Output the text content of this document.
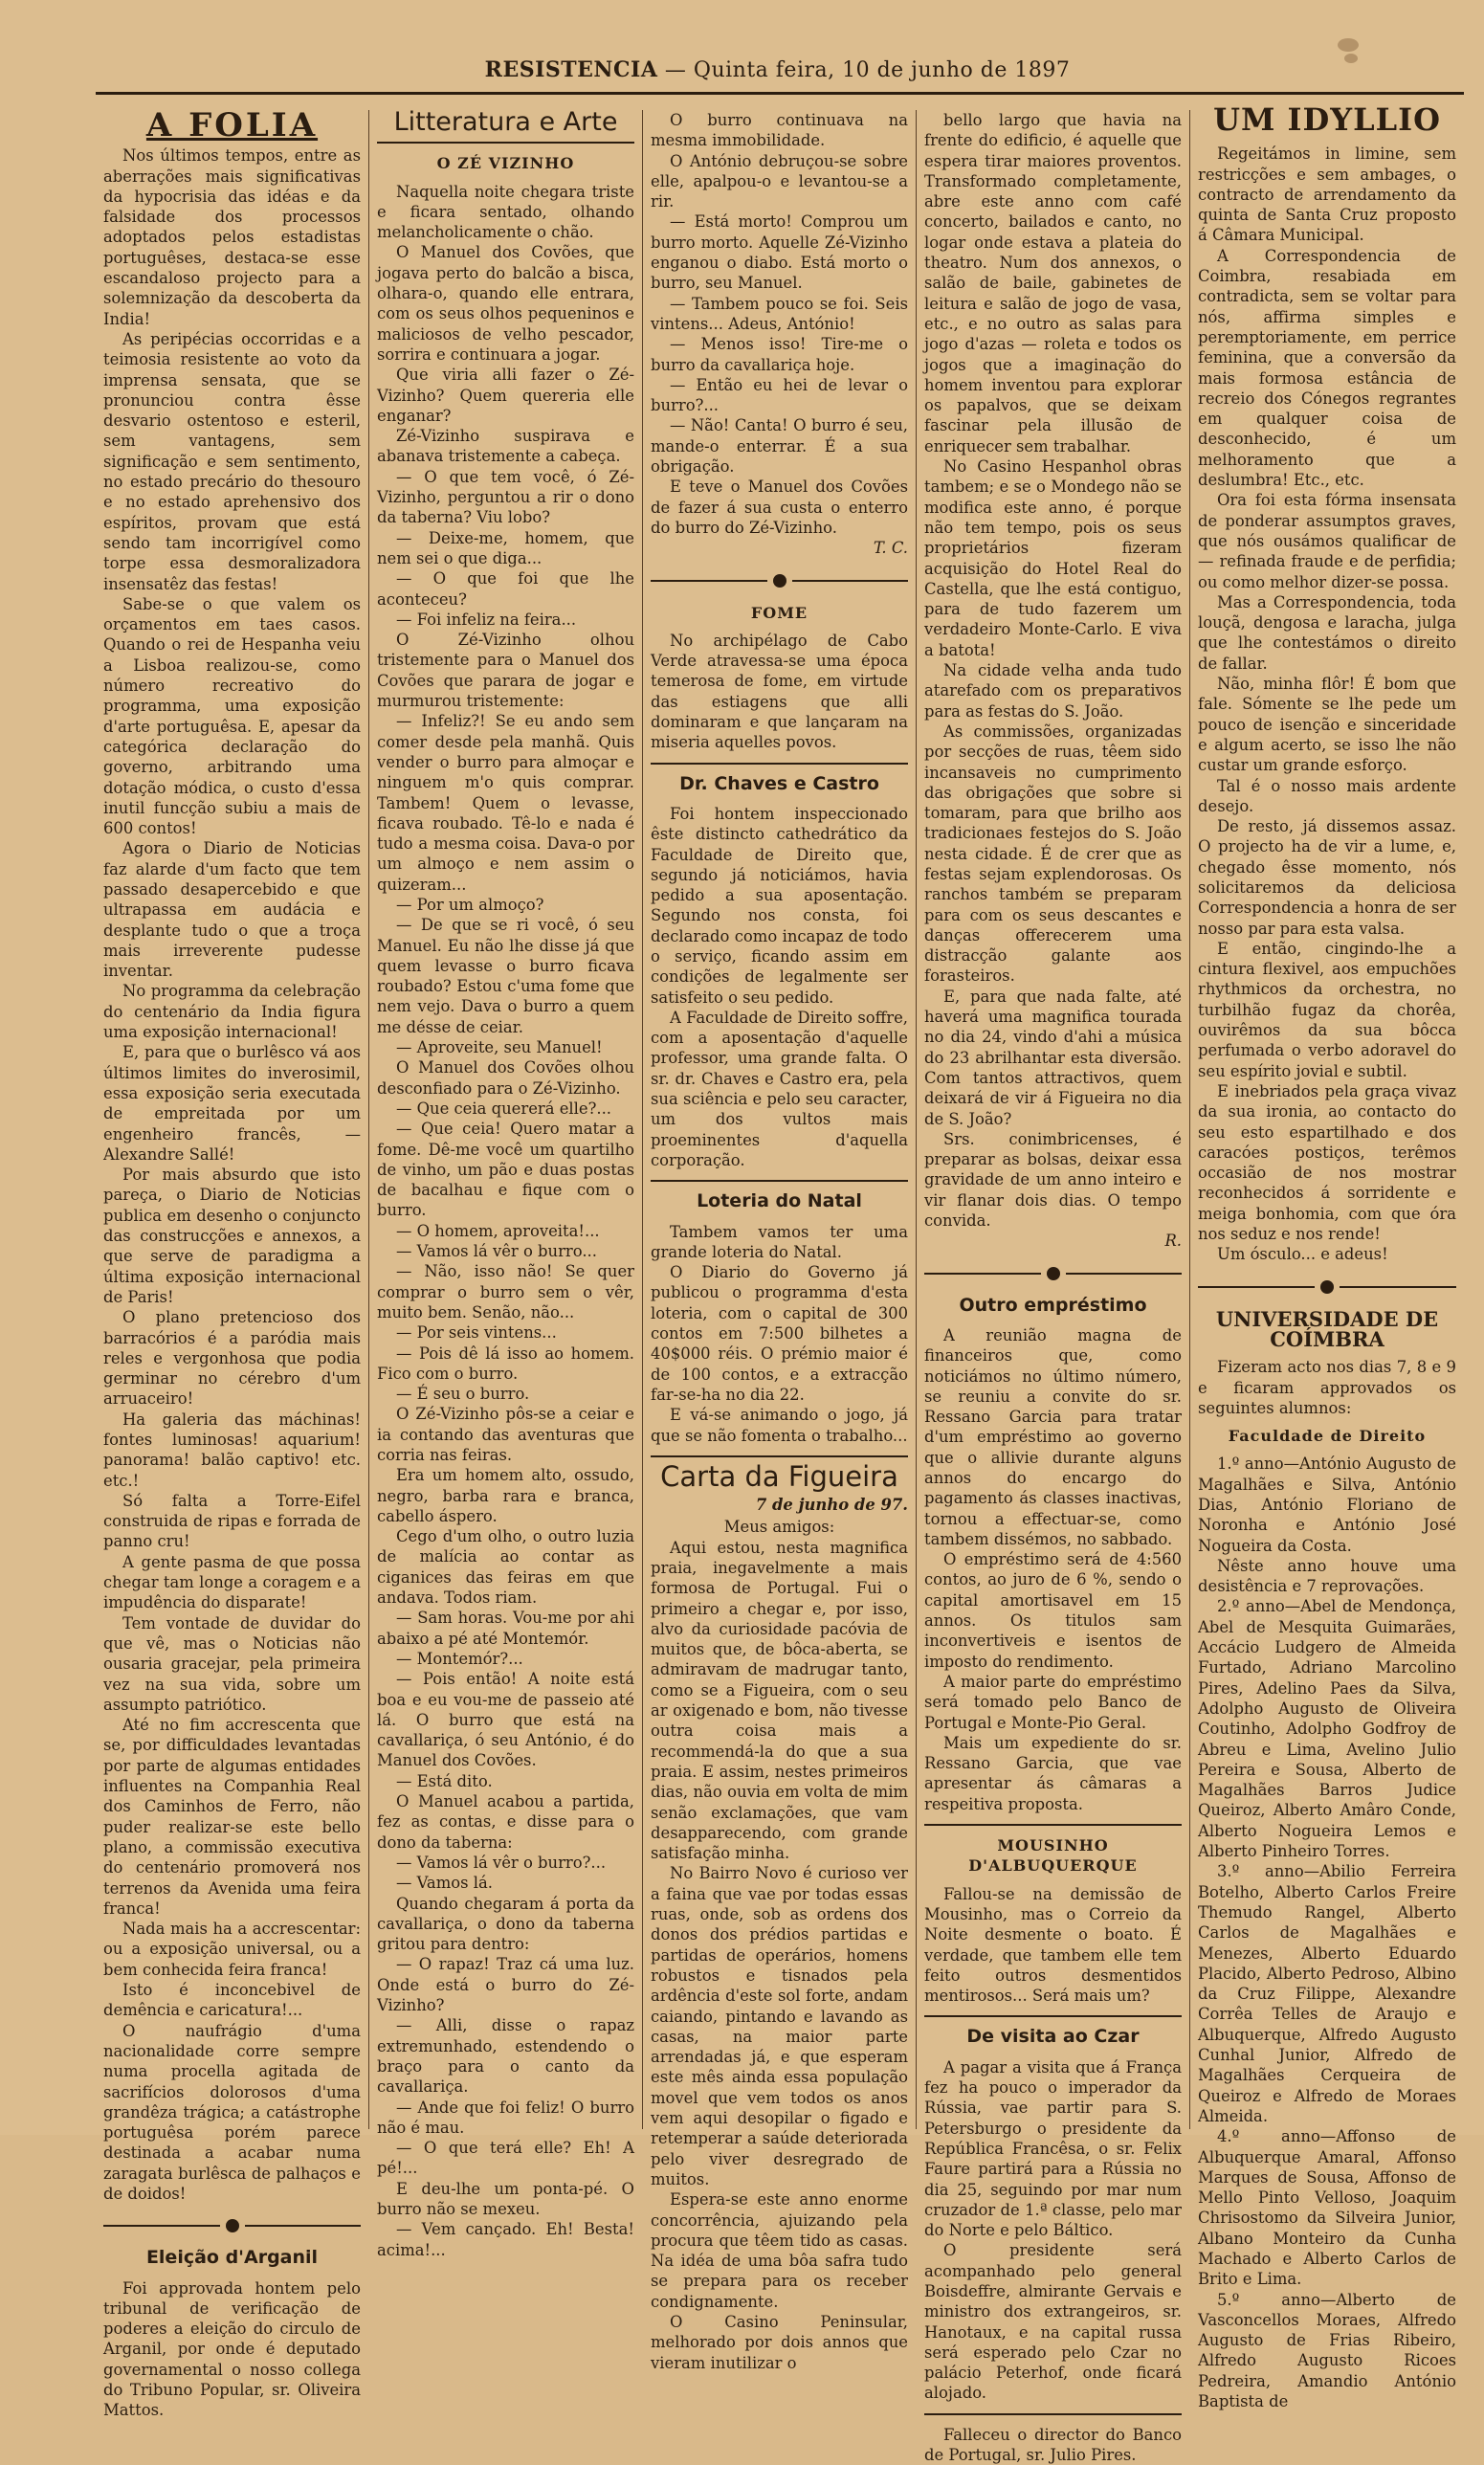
RESISTENCIA — Quinta feira, 10 de junho de 1897
A FOLIA

Nos últimos tempos, entre as aberrações mais significativas da hypocrisia das idéas e da falsidade dos processos adoptados pelos estadistas portuguêses, destaca-se esse escandaloso projecto para a solemnização da descoberta da India!

As peripécias occorridas e a teimosia resistente ao voto da imprensa sensata, que se pronunciou contra êsse desvario ostentoso e esteril, sem vantagens, sem significação e sem sentimento, no estado precário do thesouro e no estado aprehensivo dos espíritos, provam que está sendo tam incorrigível como torpe essa desmoralizadora insensatêz das festas!

Sabe-se o que valem os orçamentos em taes casos. Quando o rei de Hespanha veiu a Lisboa realizou-se, como número recreativo do programma, uma exposição d'arte portuguêsa. E, apesar da categórica declaração do governo, arbitrando uma dotação módica, o custo d'essa inutil funcção subiu a mais de 600 contos!

Agora o Diario de Noticias faz alarde d'um facto que tem passado desapercebido e que ultrapassa em audácia e desplante tudo o que a troça mais irreverente pudesse inventar.

No programma da celebração do centenário da India figura uma exposição internacional!

E, para que o burlêsco vá aos últimos limites do inverosimil, essa exposição seria executada de empreitada por um engenheiro francês, — Alexandre Sallé!

Por mais absurdo que isto pareça, o Diario de Noticias publica em desenho o conjuncto das construcções e annexos, a que serve de paradigma a última exposição internacional de Paris!

O plano pretencioso dos barracórios é a paródia mais reles e vergonhosa que podia germinar no cérebro d'um arruaceiro!

Ha galeria das máchinas! fontes luminosas! aquarium! panorama! balão captivo! etc. etc.!

Só falta a Torre-Eifel construida de ripas e forrada de panno cru!

A gente pasma de que possa chegar tam longe a coragem e a impudência do disparate!

Tem vontade de duvidar do que vê, mas o Noticias não ousaria gracejar, pela primeira vez na sua vida, sobre um assumpto patriótico.

Até no fim accrescenta que se, por difficuldades levantadas por parte de algumas entidades influentes na Companhia Real dos Caminhos de Ferro, não puder realizar-se este bello plano, a commissão executiva do centenário promoverá nos terrenos da Avenida uma feira franca!

Nada mais ha a accrescentar: ou a exposição universal, ou a bem conhecida feira franca!

Isto é inconcebivel de demência e caricatura!...

O naufrágio d'uma nacionalidade corre sempre numa procella agitada de sacrifícios dolorosos d'uma grandêza trágica; a catástrophe portuguêsa porém parece destinada a acabar numa zaragata burlêsca de palhaços e de doidos!

Eleição d'Arganil

Foi approvada hontem pelo tribunal de verificação de poderes a eleição do circulo de Arganil, por onde é deputado governamental o nosso collega do Tribuno Popular, sr. Oliveira Mattos.

Litteratura e Arte
O ZÉ VIZINHO

Naquella noite chegara triste e ficara sentado, olhando melancholicamente o chão.

O Manuel dos Covões, que jogava perto do balcão a bisca, olhara-o, quando elle entrara, com os seus olhos pequeninos e maliciosos de velho pescador, sorrira e continuara a jogar.

Que viria alli fazer o Zé-Vizinho? Quem quereria elle enganar?

Zé-Vizinho suspirava e abanava tristemente a cabeça.

— O que tem você, ó Zé-Vizinho, perguntou a rir o dono da taberna? Viu lobo?

— Deixe-me, homem, que nem sei o que diga...

— O que foi que lhe aconteceu?

— Foi infeliz na feira...

O Zé-Vizinho olhou tristemente para o Manuel dos Covões que parara de jogar e murmurou tristemente:

— Infeliz?! Se eu ando sem comer desde pela manhã. Quis vender o burro para almoçar e ninguem m'o quis comprar. Tambem! Quem o levasse, ficava roubado. Tê-lo e nada é tudo a mesma coisa. Dava-o por um almoço e nem assim o quizeram...

— Por um almoço?

— De que se ri você, ó seu Manuel. Eu não lhe disse já que quem levasse o burro ficava roubado? Estou c'uma fome que nem vejo. Dava o burro a quem me désse de ceiar.

— Aproveite, seu Manuel!

O Manuel dos Covões olhou desconfiado para o Zé-Vizinho.

— Que ceia quererá elle?...

— Que ceia! Quero matar a fome. Dê-me você um quartilho de vinho, um pão e duas postas de bacalhau e fique com o burro.

— O homem, aproveita!...

— Vamos lá vêr o burro...

— Não, isso não! Se quer comprar o burro sem o vêr, muito bem. Senão, não...

— Por seis vintens...

— Pois dê lá isso ao homem. Fico com o burro.

— É seu o burro.

O Zé-Vizinho pôs-se a ceiar e ia contando das aventuras que corria nas feiras.

Era um homem alto, ossudo, negro, barba rara e branca, cabello áspero.

Cego d'um olho, o outro luzia de malícia ao contar as ciganices das feiras em que andava. Todos riam.

— Sam horas. Vou-me por ahi abaixo a pé até Montemór.

— Montemór?...

— Pois então! A noite está boa e eu vou-me de passeio até lá. O burro que está na cavallariça, ó seu António, é do Manuel dos Covões.

— Está dito.

O Manuel acabou a partida, fez as contas, e disse para o dono da taberna:

— Vamos lá vêr o burro?...

— Vamos lá.

Quando chegaram á porta da cavallariça, o dono da taberna gritou para dentro:

— O rapaz! Traz cá uma luz. Onde está o burro do Zé-Vizinho?

— Alli, disse o rapaz extremunhado, estendendo o braço para o canto da cavallariça.

— Ande que foi feliz! O burro não é mau.

— O que terá elle? Eh! A pé!...

E deu-lhe um ponta-pé. O burro não se mexeu.

— Vem cançado. Eh! Besta! acima!...

O burro continuava na mesma immobilidade.

O António debruçou-se sobre elle, apalpou-o e levantou-se a rir.

— Está morto! Comprou um burro morto. Aquelle Zé-Vizinho enganou o diabo. Está morto o burro, seu Manuel.

— Tambem pouco se foi. Seis vintens... Adeus, António!

— Menos isso! Tire-me o burro da cavallariça hoje.

— Então eu hei de levar o burro?...

— Não! Canta! O burro é seu, mande-o enterrar. É a sua obrigação.

E teve o Manuel dos Covões de fazer á sua custa o enterro do burro do Zé-Vizinho.

T. C.

FOME

No archipélago de Cabo Verde atravessa-se uma época temerosa de fome, em virtude das estiagens que alli dominaram e que lançaram na miseria aquelles povos.

Dr. Chaves e Castro

Foi hontem inspeccionado êste distincto cathedrático da Faculdade de Direito que, segundo já noticiámos, havia pedido a sua aposentação. Segundo nos consta, foi declarado como incapaz de todo o serviço, ficando assim em condições de legalmente ser satisfeito o seu pedido.

A Faculdade de Direito soffre, com a aposentação d'aquelle professor, uma grande falta. O sr. dr. Chaves e Castro era, pela sua sciência e pelo seu caracter, um dos vultos mais proeminentes d'aquella corporação.

Loteria do Natal

Tambem vamos ter uma grande loteria do Natal.

O Diario do Governo já publicou o programma d'esta loteria, com o capital de 300 contos em 7:500 bilhetes a 40$000 réis. O prémio maior é de 100 contos, e a extracção far-se-ha no dia 22.

E vá-se animando o jogo, já que se não fomenta o trabalho...

Carta da Figueira
7 de junho de 97.

Meus amigos:

Aqui estou, nesta magnifica praia, inegavelmente a mais formosa de Portugal. Fui o primeiro a chegar e, por isso, alvo da curiosidade pacóvia de muitos que, de bôca-aberta, se admiravam de madrugar tanto, como se a Figueira, com o seu ar oxigenado e bom, não tivesse outra coisa mais a recommendá-la do que a sua praia. E assim, nestes primeiros dias, não ouvia em volta de mim senão exclamações, que vam desapparecendo, com grande satisfação minha.

No Bairro Novo é curioso ver a faina que vae por todas essas ruas, onde, sob as ordens dos donos dos prédios partidas e partidas de operários, homens robustos e tisnados pela ardência d'este sol forte, andam caiando, pintando e lavando as casas, na maior parte arrendadas já, e que esperam este mês ainda essa população movel que vem todos os anos vem aqui desopilar o figado e retemperar a saúde deteriorada pelo viver desregrado de muitos.

Espera-se este anno enorme concorrência, ajuizando pela procura que têem tido as casas. Na idéa de uma bôa safra tudo se prepara para os receber condignamente.

O Casino Peninsular, melhorado por dois annos que vieram inutilizar o

bello largo que havia na frente do edificio, é aquelle que espera tirar maiores proventos. Transformado completamente, abre este anno com café concerto, bailados e canto, no logar onde estava a plateia do theatro. Num dos annexos, o salão de baile, gabinetes de leitura e salão de jogo de vasa, etc., e no outro as salas para jogo d'azas — roleta e todos os jogos que a imaginação do homem inventou para explorar os papalvos, que se deixam fascinar pela illusão de enriquecer sem trabalhar.

No Casino Hespanhol obras tambem; e se o Mondego não se modifica este anno, é porque não tem tempo, pois os seus proprietários fizeram acquisição do Hotel Real do Castella, que lhe está contiguo, para de tudo fazerem um verdadeiro Monte-Carlo. E viva a batota!

Na cidade velha anda tudo atarefado com os preparativos para as festas do S. João.

As commissões, organizadas por secções de ruas, têem sido incansaveis no cumprimento das obrigações que sobre si tomaram, para que brilho aos tradicionaes festejos do S. João nesta cidade. É de crer que as festas sejam explendorosas. Os ranchos também se preparam para com os seus descantes e danças offerecerem uma distracção galante aos forasteiros.

E, para que nada falte, até haverá uma magnifica tourada no dia 24, vindo d'ahi a música do 23 abrilhantar esta diversão. Com tantos attractivos, quem deixará de vir á Figueira no dia de S. João?

Srs. conimbricenses, é preparar as bolsas, deixar essa gravidade de um anno inteiro e vir flanar dois dias. O tempo convida.

R.

Outro empréstimo

A reunião magna de financeiros que, como noticiámos no último número, se reuniu a convite do sr. Ressano Garcia para tratar d'um empréstimo ao governo que o allivie durante alguns annos do encargo do pagamento ás classes inactivas, tornou a effectuar-se, como tambem dissémos, no sabbado.

O empréstimo será de 4:560 contos, ao juro de 6 %, sendo o capital amortisavel em 15 annos. Os titulos sam inconvertiveis e isentos de imposto do rendimento.

A maior parte do empréstimo será tomado pelo Banco de Portugal e Monte-Pio Geral.

Mais um expediente do sr. Ressano Garcia, que vae apresentar ás câmaras a respeitiva proposta.

MOUSINHO D'ALBUQUERQUE

Fallou-se na demissão de Mousinho, mas o Correio da Noite desmente o boato. É verdade, que tambem elle tem feito outros desmentidos mentirosos... Será mais um?

De visita ao Czar

A pagar a visita que á França fez ha pouco o imperador da Rússia, vae partir para S. Petersburgo o presidente da República Francêsa, o sr. Felix Faure partirá para a Rússia no dia 25, seguindo por mar num cruzador de 1.ª classe, pelo mar do Norte e pelo Báltico.

O presidente será acompanhado pelo general Boisdeffre, almirante Gervais e ministro dos extrangeiros, sr. Hanotaux, e na capital russa será esperado pelo Czar no palácio Peterhof, onde ficará alojado.

Falleceu o director do Banco de Portugal, sr. Julio Pires.

UM IDYLLIO

Regeitámos in limine, sem restricções e sem ambages, o contracto de arrendamento da quinta de Santa Cruz proposto á Câmara Municipal.

A Correspondencia de Coimbra, resabiada em contradicta, sem se voltar para nós, affirma simples e peremptoriamente, em perrice feminina, que a conversão da mais formosa estância de recreio dos Cónegos regrantes em qualquer coisa de desconhecido, é um melhoramento que a deslumbra! Etc., etc.

Ora foi esta fórma insensata de ponderar assumptos graves, que nós ousámos qualificar de — refinada fraude e de perfidia; ou como melhor dizer-se possa.

Mas a Correspondencia, toda louçã, dengosa e laracha, julga que lhe contestámos o direito de fallar.

Não, minha flôr! É bom que fale. Sómente se lhe pede um pouco de isenção e sinceridade e algum acerto, se isso lhe não custar um grande esforço.

Tal é o nosso mais ardente desejo.

De resto, já dissemos assaz. O projecto ha de vir a lume, e, chegado êsse momento, nós solicitaremos da deliciosa Correspondencia a honra de ser nosso par para esta valsa.

E então, cingindo-lhe a cintura flexivel, aos empuchões rhythmicos da orchestra, no turbilhão fugaz da chorêa, ouvirêmos da sua bôcca perfumada o verbo adoravel do seu espírito jovial e subtil.

E inebriados pela graça vivaz da sua ironia, ao contacto do seu esto espartilhado e dos caracóes postiços, terêmos occasião de nos mostrar reconhecidos á sorridente e meiga bonhomia, com que óra nos seduz e nos rende!

Um ósculo... e adeus!

UNIVERSIDADE DE COÍMBRA

Fizeram acto nos dias 7, 8 e 9 e ficaram approvados os seguintes alumnos:

Faculdade de Direito

1.º anno—António Augusto de Magalhães e Silva, António Dias, António Floriano de Noronha e António José Nogueira da Costa.

Nêste anno houve uma desistência e 7 reprovações.

2.º anno—Abel de Mendonça, Abel de Mesquita Guimarães, Accácio Ludgero de Almeida Furtado, Adriano Marcolino Pires, Adelino Paes da Silva, Adolpho Augusto de Oliveira Coutinho, Adolpho Godfroy de Abreu e Lima, Avelino Julio Pereira e Sousa, Alberto de Magalhães Barros Judice Queiroz, Alberto Amâro Conde, Alberto Nogueira Lemos e Alberto Pinheiro Torres.

3.º anno—Abilio Ferreira Botelho, Alberto Carlos Freire Themudo Rangel, Alberto Carlos de Magalhães e Menezes, Alberto Eduardo Placido, Alberto Pedroso, Albino da Cruz Filippe, Alexandre Corrêa Telles de Araujo e Albuquerque, Alfredo Augusto Cunhal Junior, Alfredo de Magalhães Cerqueira de Queiroz e Alfredo de Moraes Almeida.

4.º anno—Affonso de Albuquerque Amaral, Affonso Marques de Sousa, Affonso de Mello Pinto Velloso, Joaquim Chrisostomo da Silveira Junior, Albano Monteiro da Cunha Machado e Alberto Carlos de Brito e Lima.

5.º anno—Alberto de Vasconcellos Moraes, Alfredo Augusto de Frias Ribeiro, Alfredo Augusto Ricoes Pedreira, Amandio António Baptista de
